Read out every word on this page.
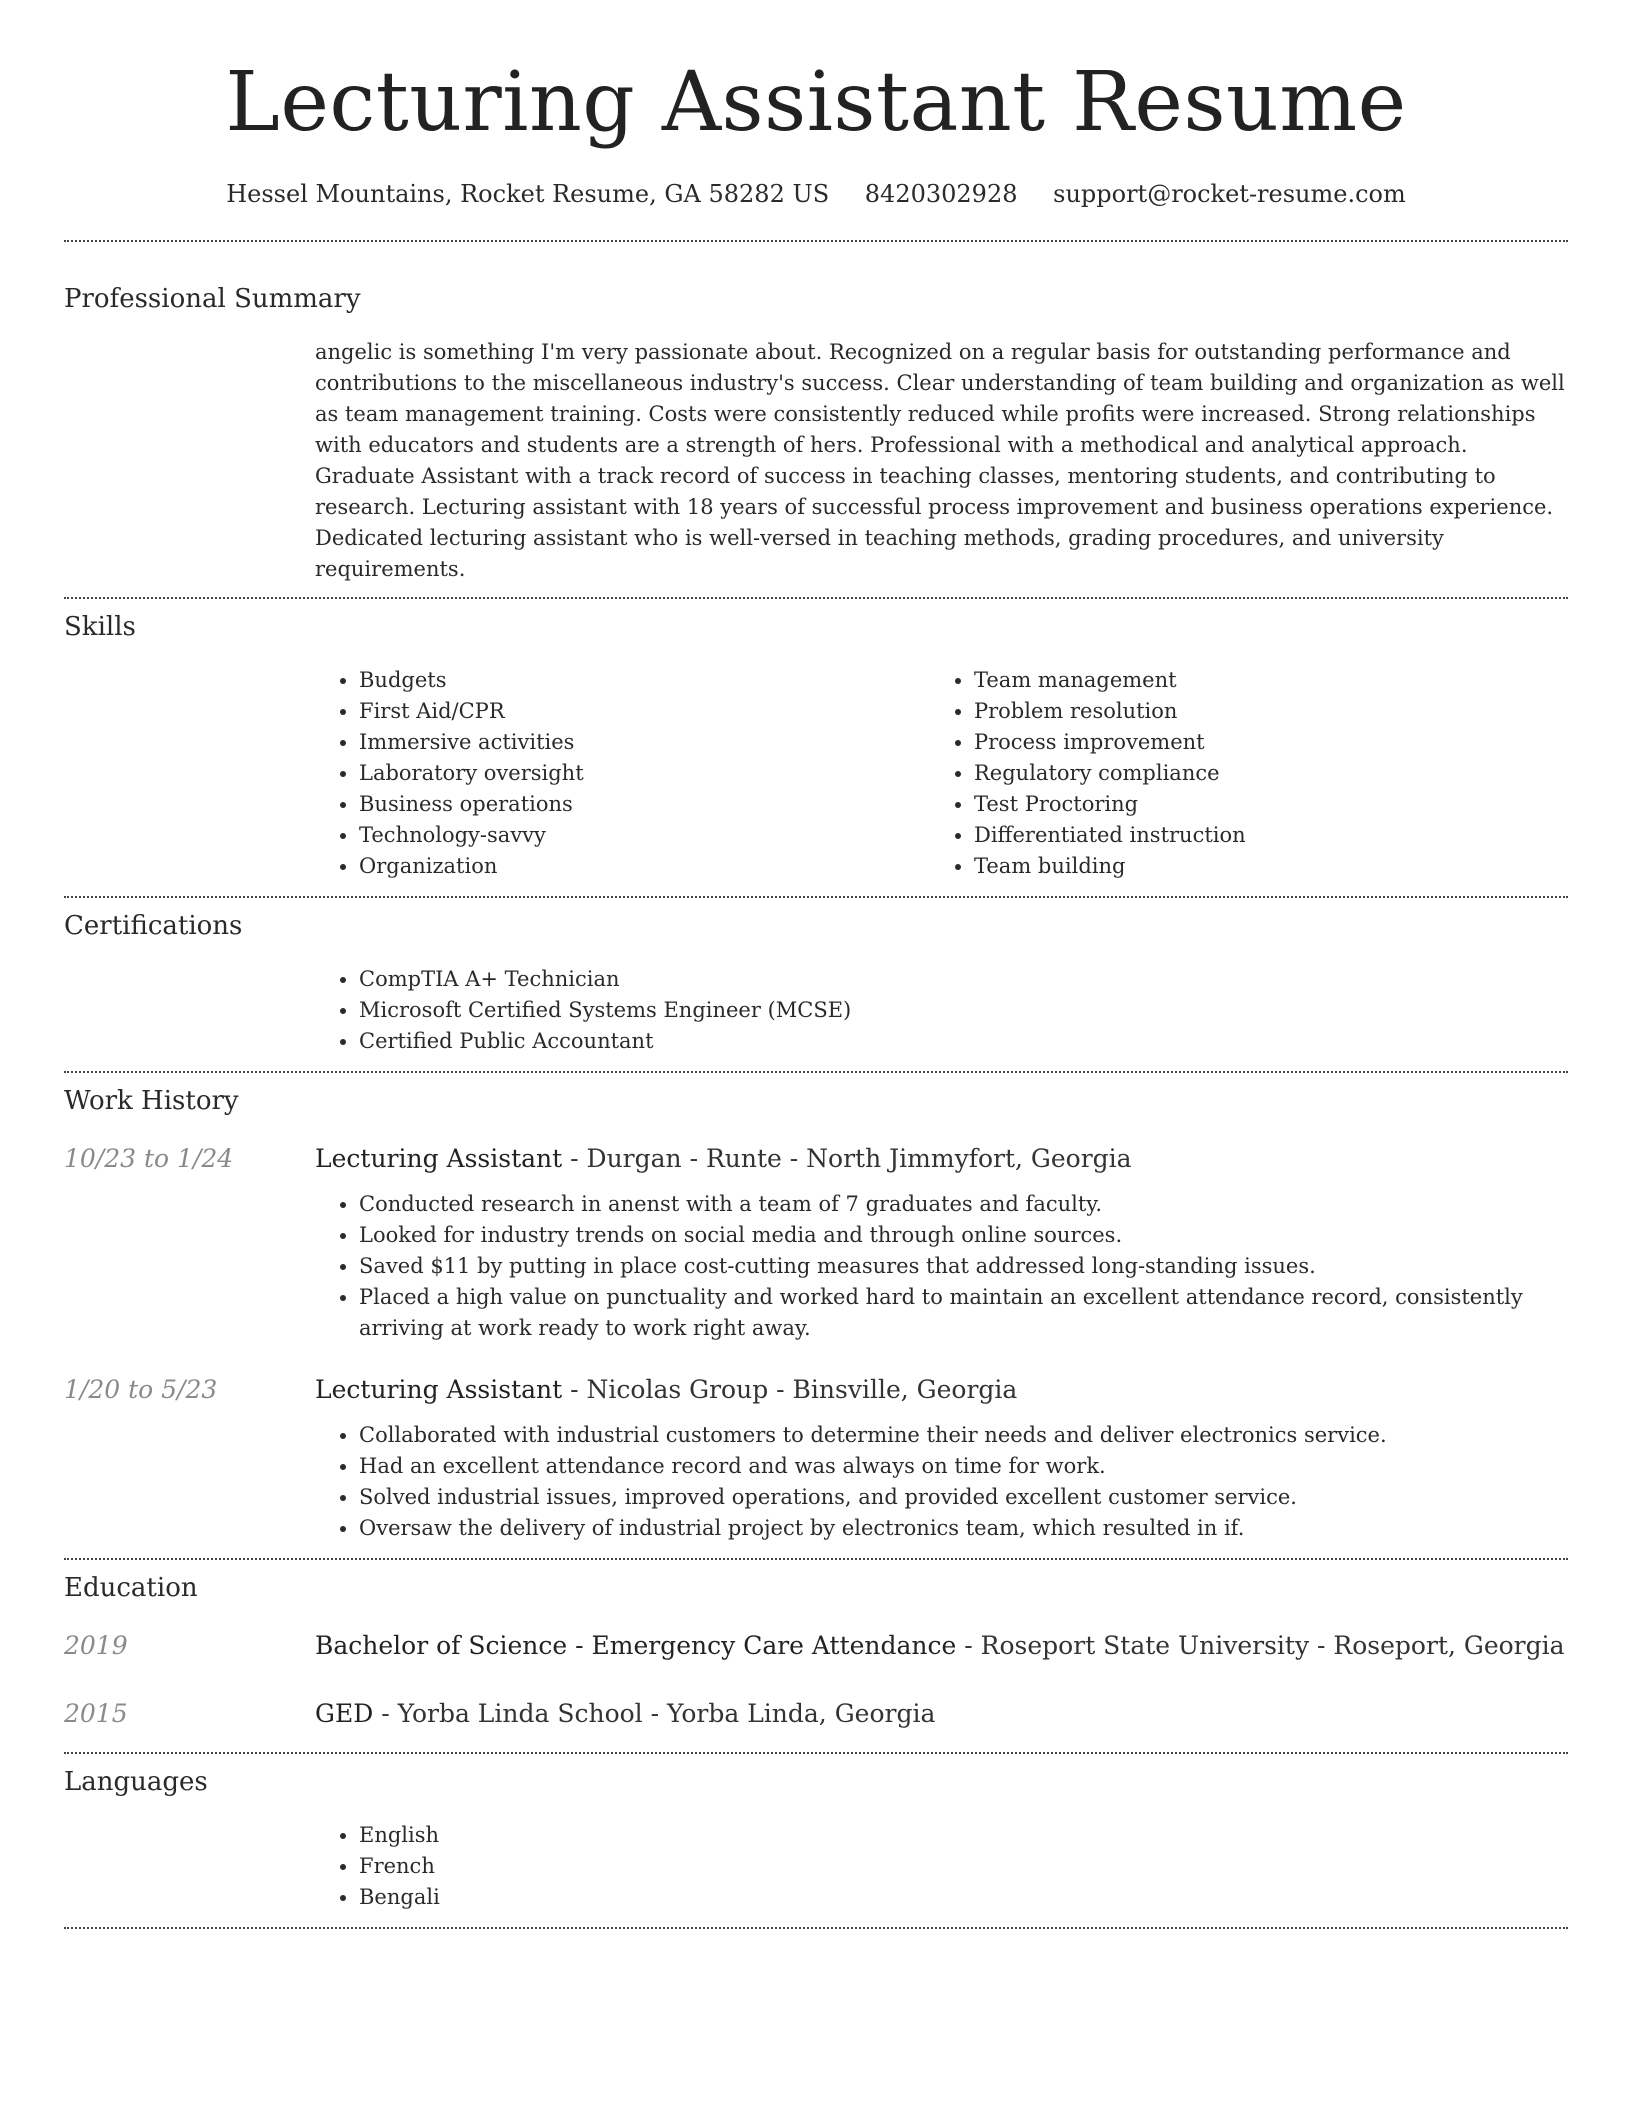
Lecturing Assistant Resume
Hessel Mountains, Rocket Resume, GA 58282 US 8420302928 support@rocket-resume.com
Professional Summary
angelic is something I'm very passionate about. Recognized on a regular basis for outstanding performance and contributions to the miscellaneous industry's success. Clear understanding of team building and organization as well as team management training. Costs were consistently reduced while profits were increased. Strong relationships with educators and students are a strength of hers. Professional with a methodical and analytical approach. Graduate Assistant with a track record of success in teaching classes, mentoring students, and contributing to research. Lecturing assistant with 18 years of successful process improvement and business operations experience. Dedicated lecturing assistant who is well-versed in teaching methods, grading procedures, and university requirements.
Skills
• Budgets
• First Aid/CPR
• Immersive activities
• Laboratory oversight
• Business operations
• Technology-savvy
• Organization
• Team management
• Problem resolution
• Process improvement
• Regulatory compliance
• Test Proctoring
• Differentiated instruction
• Team building
Certifications
• CompTIA A+ Technician
• Microsoft Certified Systems Engineer (MCSE)
• Certified Public Accountant
Work History
10/23 to 1/24	Lecturing Assistant - Durgan - Runte - North Jimmyfort, Georgia
• Conducted research in anenst with a team of 7 graduates and faculty.
• Looked for industry trends on social media and through online sources.
• Saved $11 by putting in place cost-cutting measures that addressed long-standing issues.
• Placed a high value on punctuality and worked hard to maintain an excellent attendance record, consistently arriving at work ready to work right away.
1/20 to 5/23	Lecturing Assistant - Nicolas Group - Binsville, Georgia
• Collaborated with industrial customers to determine their needs and deliver electronics service.
• Had an excellent attendance record and was always on time for work.
• Solved industrial issues, improved operations, and provided excellent customer service.
• Oversaw the delivery of industrial project by electronics team, which resulted in if.
Education
2019	Bachelor of Science - Emergency Care Attendance - Roseport State University - Roseport, Georgia
2015	GED - Yorba Linda School - Yorba Linda, Georgia
Languages
• English
• French
• Bengali
